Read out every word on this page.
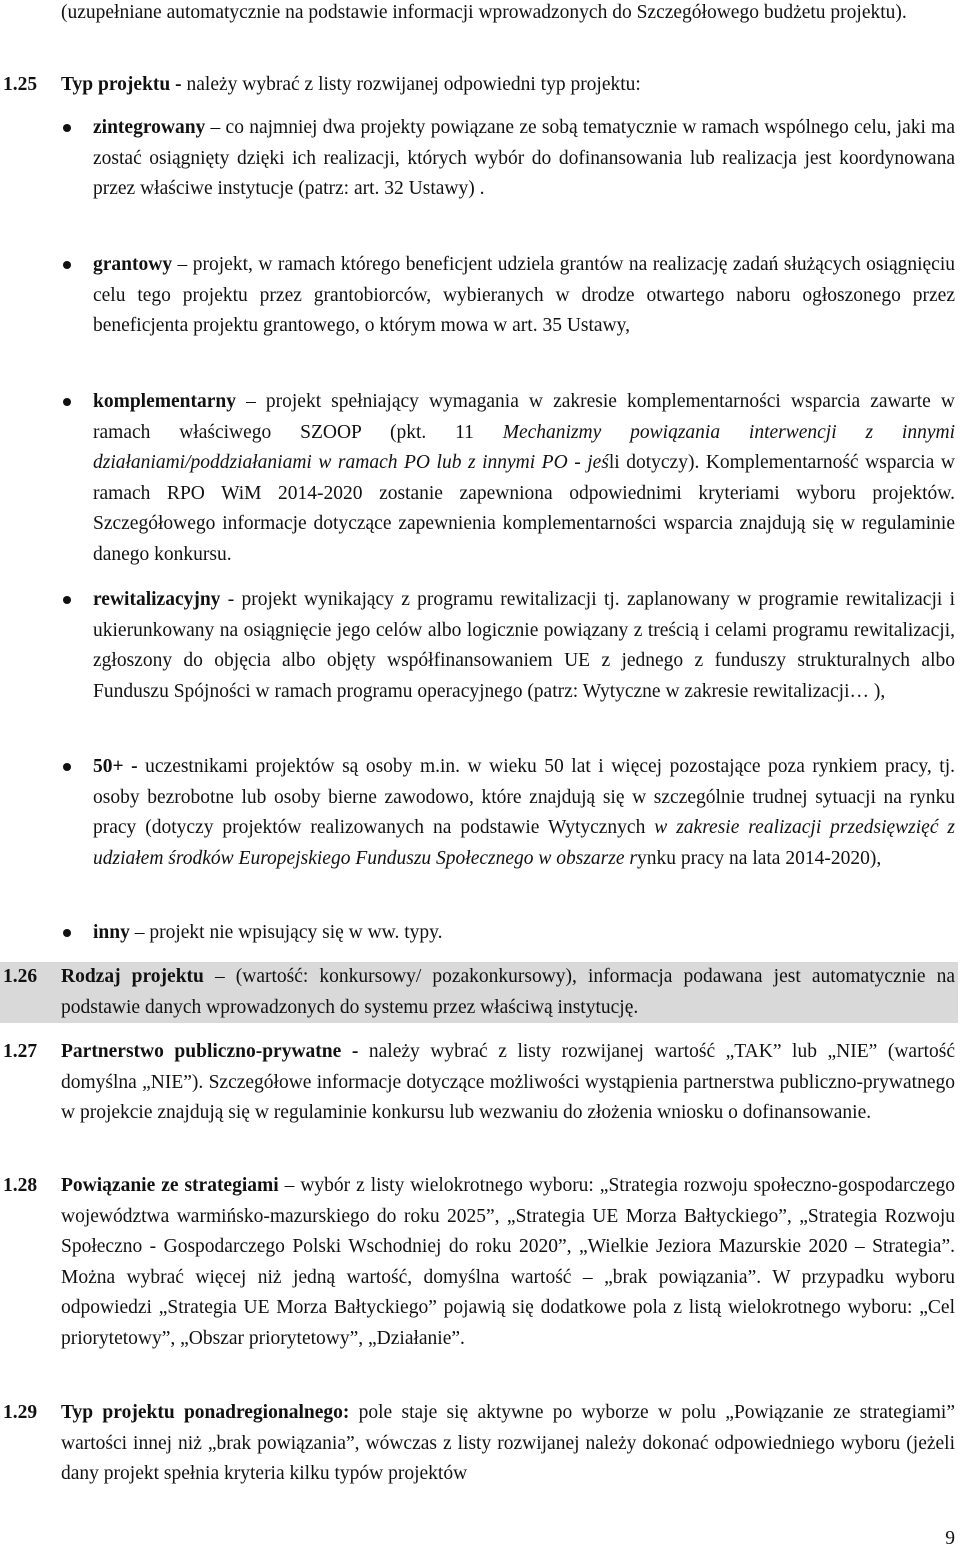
(uzupełniane automatycznie na podstawie informacji wprowadzonych do Szczegółowego budżetu projektu).

1.25 Typ projektu - należy wybrać z listy rozwijanej odpowiedni typ projektu:

zintegrowany – co najmniej dwa projekty powiązane ze sobą tematycznie w ramach wspólnego celu, jaki ma zostać osiągnięty dzięki ich realizacji, których wybór do dofinansowania lub realizacja jest koordynowana przez właściwe instytucje (patrz: art. 32 Ustawy) .

grantowy – projekt, w ramach którego beneficjent udziela grantów na realizację zadań służących osiągnięciu celu tego projektu przez grantobiorców, wybieranych w drodze otwartego naboru ogłoszonego przez beneficjenta projektu grantowego, o którym mowa w art. 35 Ustawy,

komplementarny – projekt spełniający wymagania w zakresie komplementarności wsparcia zawarte w ramach właściwego SZOOP (pkt. 11 Mechanizmy powiązania interwencji z innymi działaniami/poddziałaniami w ramach PO lub z innymi PO - jeśli dotyczy). Komplementarność wsparcia w ramach RPO WiM 2014-2020 zostanie zapewniona odpowiednimi kryteriami wyboru projektów. Szczegółowego informacje dotyczące zapewnienia komplementarności wsparcia znajdują się w regulaminie danego konkursu.

rewitalizacyjny - projekt wynikający z programu rewitalizacji tj. zaplanowany w programie rewitalizacji i ukierunkowany na osiągnięcie jego celów albo logicznie powiązany z treścią i celami programu rewitalizacji, zgłoszony do objęcia albo objęty współfinansowaniem UE z jednego z funduszy strukturalnych albo Funduszu Spójności w ramach programu operacyjnego (patrz: Wytyczne w zakresie rewitalizacji… ),

50+ - uczestnikami projektów są osoby m.in. w wieku 50 lat i więcej pozostające poza rynkiem pracy, tj. osoby bezrobotne lub osoby bierne zawodowo, które znajdują się w szczególnie trudnej sytuacji na rynku pracy (dotyczy projektów realizowanych na podstawie Wytycznych w zakresie realizacji przedsięwzięć z udziałem środków Europejskiego Funduszu Społecznego w obszarze rynku pracy na lata 2014-2020),

inny – projekt nie wpisujący się w ww. typy.

1.26 Rodzaj projektu – (wartość: konkursowy/ pozakonkursowy), informacja podawana jest automatycznie na podstawie danych wprowadzonych do systemu przez właściwą instytucję.

1.27 Partnerstwo publiczno-prywatne - należy wybrać z listy rozwijanej wartość „TAK” lub „NIE” (wartość domyślna „NIE”). Szczegółowe informacje dotyczące możliwości wystąpienia partnerstwa publiczno-prywatnego w projekcie znajdują się w regulaminie konkursu lub wezwaniu do złożenia wniosku o dofinansowanie.

1.28 Powiązanie ze strategiami – wybór z listy wielokrotnego wyboru: „Strategia rozwoju społeczno-gospodarczego województwa warmińsko-mazurskiego do roku 2025”, „Strategia UE Morza Bałtyckiego”, „Strategia Rozwoju Społeczno - Gospodarczego Polski Wschodniej do roku 2020”, „Wielkie Jeziora Mazurskie 2020 – Strategia”. Można wybrać więcej niż jedną wartość, domyślna wartość – „brak powiązania”. W przypadku wyboru odpowiedzi „Strategia UE Morza Bałtyckiego” pojawią się dodatkowe pola z listą wielokrotnego wyboru: „Cel priorytetowy”, „Obszar priorytetowy”, „Działanie”.

1.29 Typ projektu ponadregionalnego: pole staje się aktywne po wyborze w polu „Powiązanie ze strategiami” wartości innej niż „brak powiązania”, wówczas z listy rozwijanej należy dokonać odpowiedniego wyboru (jeżeli dany projekt spełnia kryteria kilku typów projektów

9
